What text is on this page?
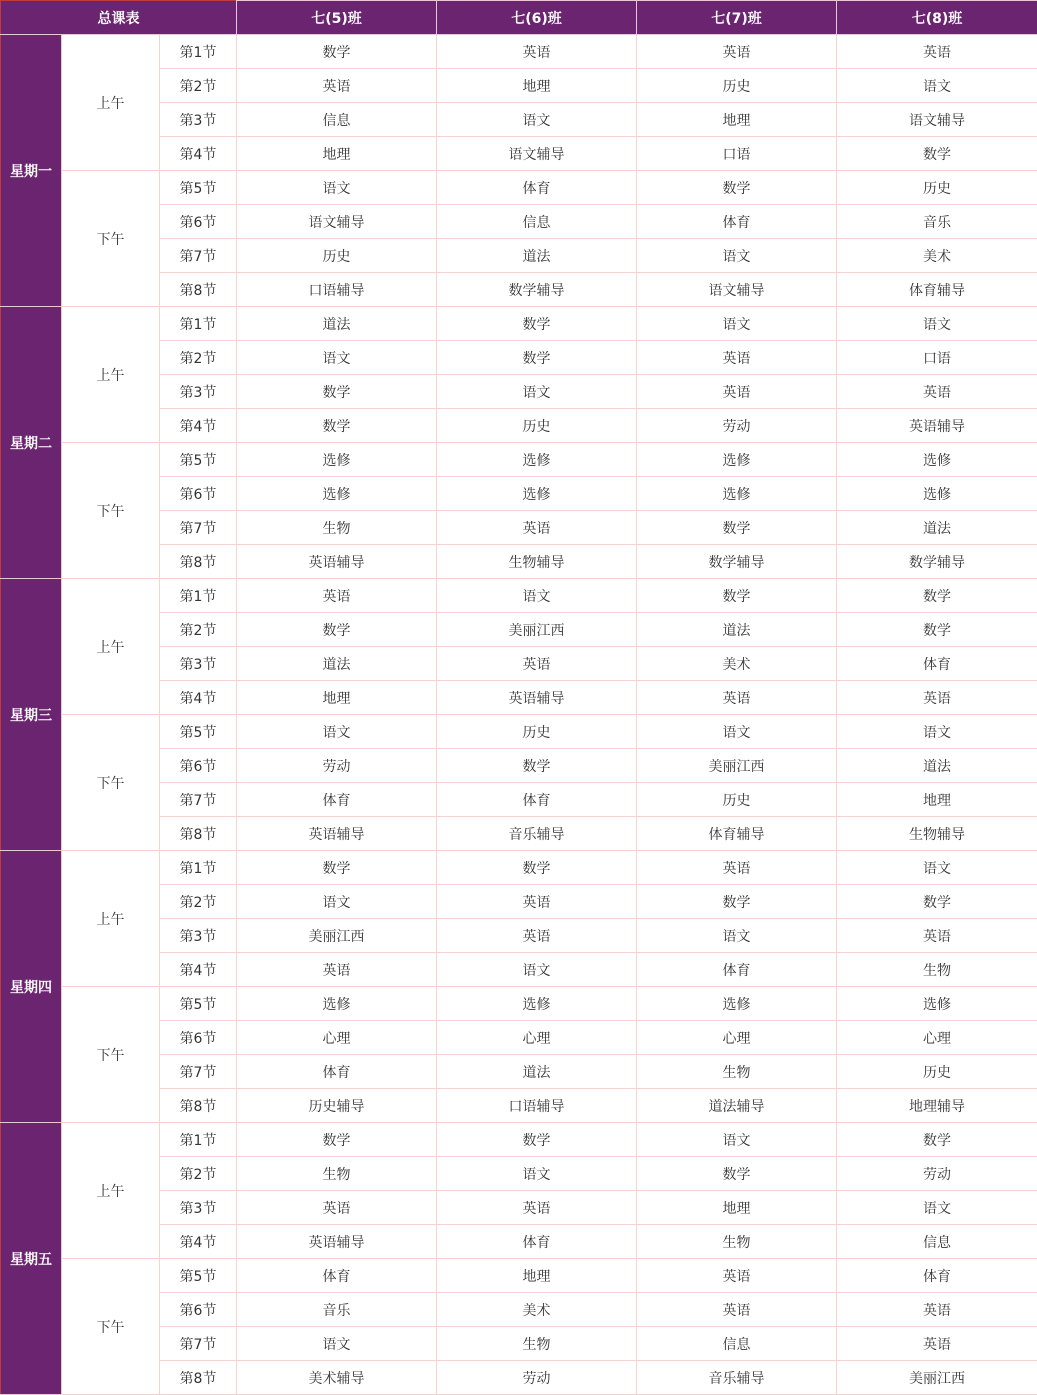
总课表			七(5)班	七(6)班	七(7)班	七(8)班
星期一	上午	第1节	数学	英语	英语	英语
		第2节	英语	地理	历史	语文
		第3节	信息	语文	地理	语文辅导
		第4节	地理	语文辅导	口语	数学
	下午	第5节	语文	体育	数学	历史
		第6节	语文辅导	信息	体育	音乐
		第7节	历史	道法	语文	美术
		第8节	口语辅导	数学辅导	语文辅导	体育辅导
星期二	上午	第1节	道法	数学	语文	语文
		第2节	语文	数学	英语	口语
		第3节	数学	语文	英语	英语
		第4节	数学	历史	劳动	英语辅导
	下午	第5节	选修	选修	选修	选修
		第6节	选修	选修	选修	选修
		第7节	生物	英语	数学	道法
		第8节	英语辅导	生物辅导	数学辅导	数学辅导
星期三	上午	第1节	英语	语文	数学	数学
		第2节	数学	美丽江西	道法	数学
		第3节	道法	英语	美术	体育
		第4节	地理	英语辅导	英语	英语
	下午	第5节	语文	历史	语文	语文
		第6节	劳动	数学	美丽江西	道法
		第7节	体育	体育	历史	地理
		第8节	英语辅导	音乐辅导	体育辅导	生物辅导
星期四	上午	第1节	数学	数学	英语	语文
		第2节	语文	英语	数学	数学
		第3节	美丽江西	英语	语文	英语
		第4节	英语	语文	体育	生物
	下午	第5节	选修	选修	选修	选修
		第6节	心理	心理	心理	心理
		第7节	体育	道法	生物	历史
		第8节	历史辅导	口语辅导	道法辅导	地理辅导
星期五	上午	第1节	数学	数学	语文	数学
		第2节	生物	语文	数学	劳动
		第3节	英语	英语	地理	语文
		第4节	英语辅导	体育	生物	信息
	下午	第5节	体育	地理	英语	体育
		第6节	音乐	美术	英语	英语
		第7节	语文	生物	信息	英语
		第8节	美术辅导	劳动	音乐辅导	美丽江西
